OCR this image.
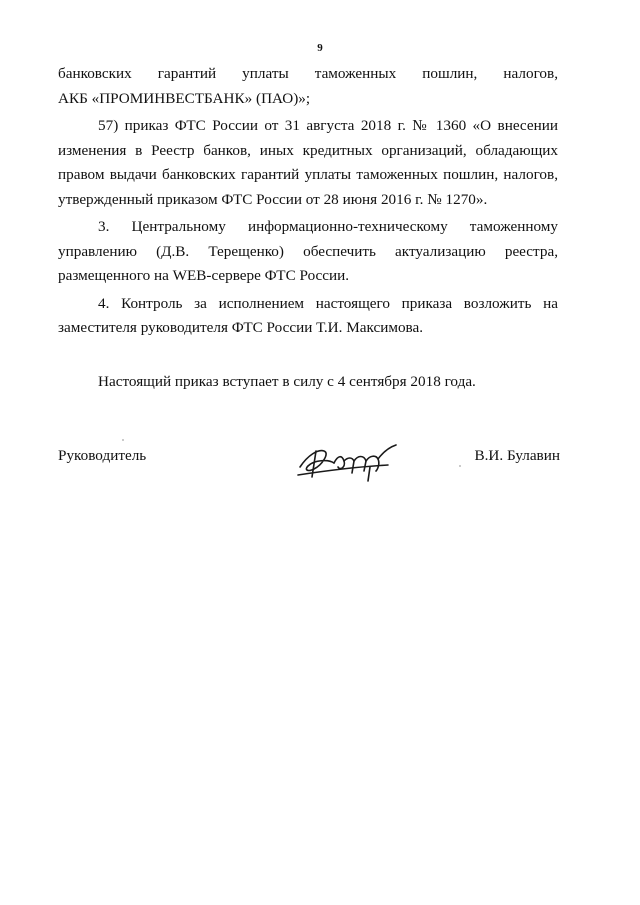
9

банковских гарантий уплаты таможенных пошлин, налогов,

АКБ «ПРОМИНВЕСТБАНК» (ПАО)»;

57) приказ ФТС России от 31 августа 2018 г. № 1360 «О внесении изменения в Реестр банков, иных кредитных организаций, обладающих правом выдачи банковских гарантий уплаты таможенных пошлин, налогов, утвержденный приказом ФТС России от 28 июня 2016 г. № 1270».

3. Центральному информационно-техническому таможенному управлению (Д.В. Терещенко) обеспечить актуализацию реестра, размещенного на WEB-сервере ФТС России.

4. Контроль за исполнением настоящего приказа возложить на заместителя руководителя ФТС России Т.И. Максимова.

Настоящий приказ вступает в силу с 4 сентября 2018 года.
Руководитель	В.И. Булавин
